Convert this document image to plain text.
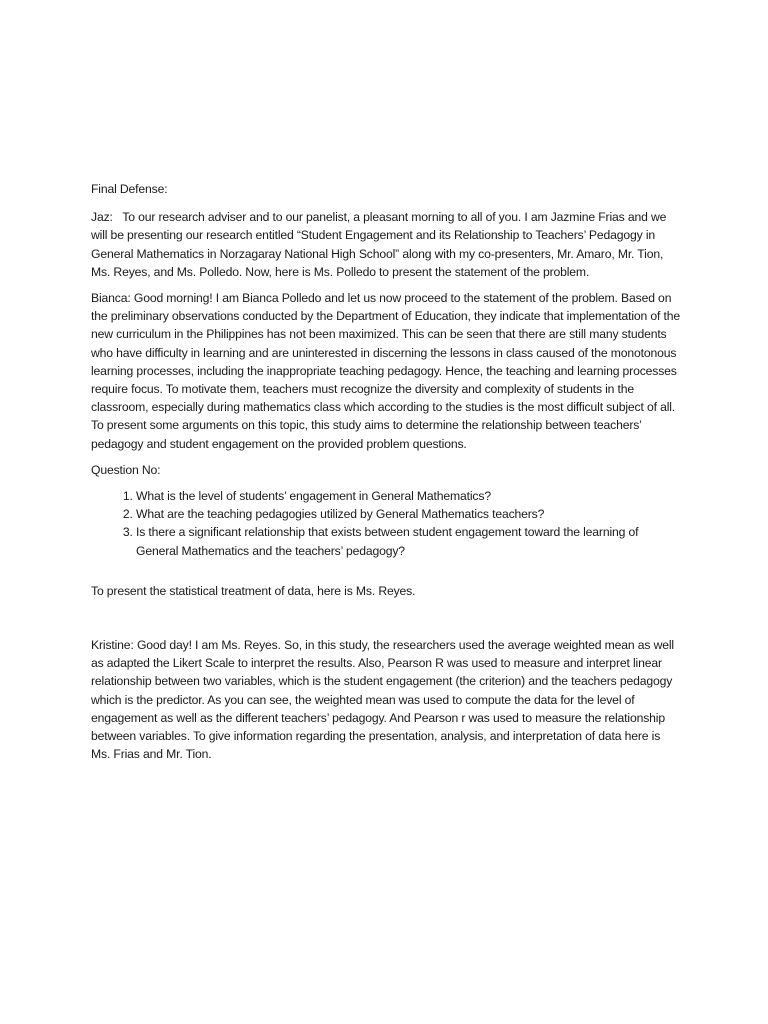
Final Defense:

Jaz: To our research adviser and to our panelist, a pleasant morning to all of you. I am Jazmine Frias and we will be presenting our research entitled “Student Engagement and its Relationship to Teachers’ Pedagogy in General Mathematics in Norzagaray National High School” along with my co-presenters, Mr. Amaro, Mr. Tion, Ms. Reyes, and Ms. Polledo. Now, here is Ms. Polledo to present the statement of the problem.

Bianca: Good morning! I am Bianca Polledo and let us now proceed to the statement of the problem. Based on the preliminary observations conducted by the Department of Education, they indicate that implementation of the new curriculum in the Philippines has not been maximized. This can be seen that there are still many students who have difficulty in learning and are uninterested in discerning the lessons in class caused of the monotonous learning processes, including the inappropriate teaching pedagogy. Hence, the teaching and learning processes require focus. To motivate them, teachers must recognize the diversity and complexity of students in the classroom, especially during mathematics class which according to the studies is the most difficult subject of all. To present some arguments on this topic, this study aims to determine the relationship between teachers’ pedagogy and student engagement on the provided problem questions.

Question No:

1. What is the level of students’ engagement in General Mathematics?
2. What are the teaching pedagogies utilized by General Mathematics teachers?
3. Is there a significant relationship that exists between student engagement toward the learning of General Mathematics and the teachers’ pedagogy?

To present the statistical treatment of data, here is Ms. Reyes.

Kristine: Good day! I am Ms. Reyes. So, in this study, the researchers used the average weighted mean as well as adapted the Likert Scale to interpret the results. Also, Pearson R was used to measure and interpret linear relationship between two variables, which is the student engagement (the criterion) and the teachers pedagogy which is the predictor. As you can see, the weighted mean was used to compute the data for the level of engagement as well as the different teachers’ pedagogy. And Pearson r was used to measure the relationship between variables. To give information regarding the presentation, analysis, and interpretation of data here is Ms. Frias and Mr. Tion.
